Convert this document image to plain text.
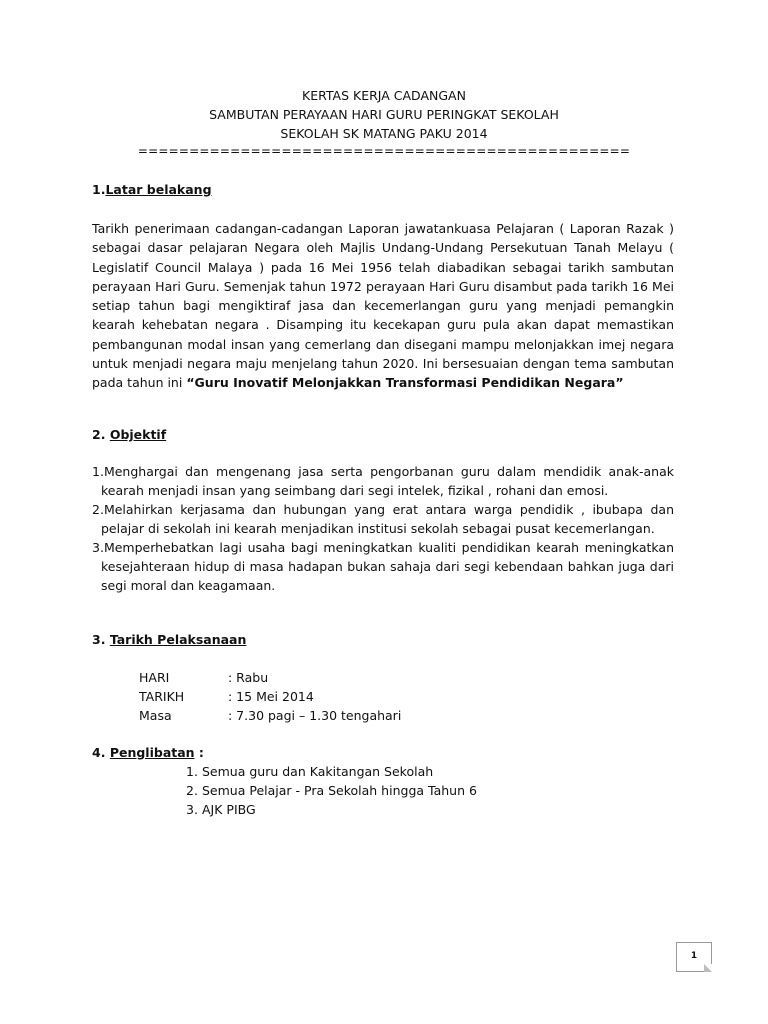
KERTAS KERJA CADANGAN
SAMBUTAN PERAYAAN HARI GURU PERINGKAT SEKOLAH
SEKOLAH SK MATANG PAKU 2014
================================================
1.Latar belakang
Tarikh penerimaan cadangan-cadangan Laporan jawatankuasa Pelajaran ( Laporan Razak ) sebagai dasar pelajaran Negara oleh Majlis Undang-Undang Persekutuan Tanah Melayu ( Legislatif Council Malaya ) pada 16 Mei 1956 telah diabadikan sebagai tarikh sambutan perayaan Hari Guru. Semenjak tahun 1972 perayaan Hari Guru disambut pada tarikh 16 Mei setiap tahun bagi mengiktiraf jasa dan kecemerlangan guru yang menjadi pemangkin kearah kehebatan negara . Disamping itu kecekapan guru pula akan dapat memastikan pembangunan modal insan yang cemerlang dan disegani mampu melonjakkan imej negara untuk menjadi negara maju menjelang tahun 2020. Ini bersesuaian dengan tema sambutan pada tahun ini “Guru Inovatif Melonjakkan Transformasi Pendidikan Negara”
2. Objektif
1.Menghargai dan mengenang jasa serta pengorbanan guru dalam mendidik anak-anak kearah menjadi insan yang seimbang dari segi intelek, fizikal , rohani dan emosi.
2.Melahirkan kerjasama dan hubungan yang erat antara warga pendidik , ibubapa dan pelajar di sekolah ini kearah menjadikan institusi sekolah sebagai pusat kecemerlangan.
3.Memperhebatkan lagi usaha bagi meningkatkan kualiti pendidikan kearah meningkatkan kesejahteraan hidup di masa hadapan bukan sahaja dari segi kebendaan bahkan juga dari segi moral dan keagamaan.
3. Tarikh Pelaksanaan
HARI	: Rabu
TARIKH	: 15 Mei 2014
Masa	: 7.30 pagi – 1.30 tengahari
4. Penglibatan :
1. Semua guru dan Kakitangan Sekolah
2. Semua Pelajar - Pra Sekolah hingga Tahun 6
3. AJK PIBG
1
